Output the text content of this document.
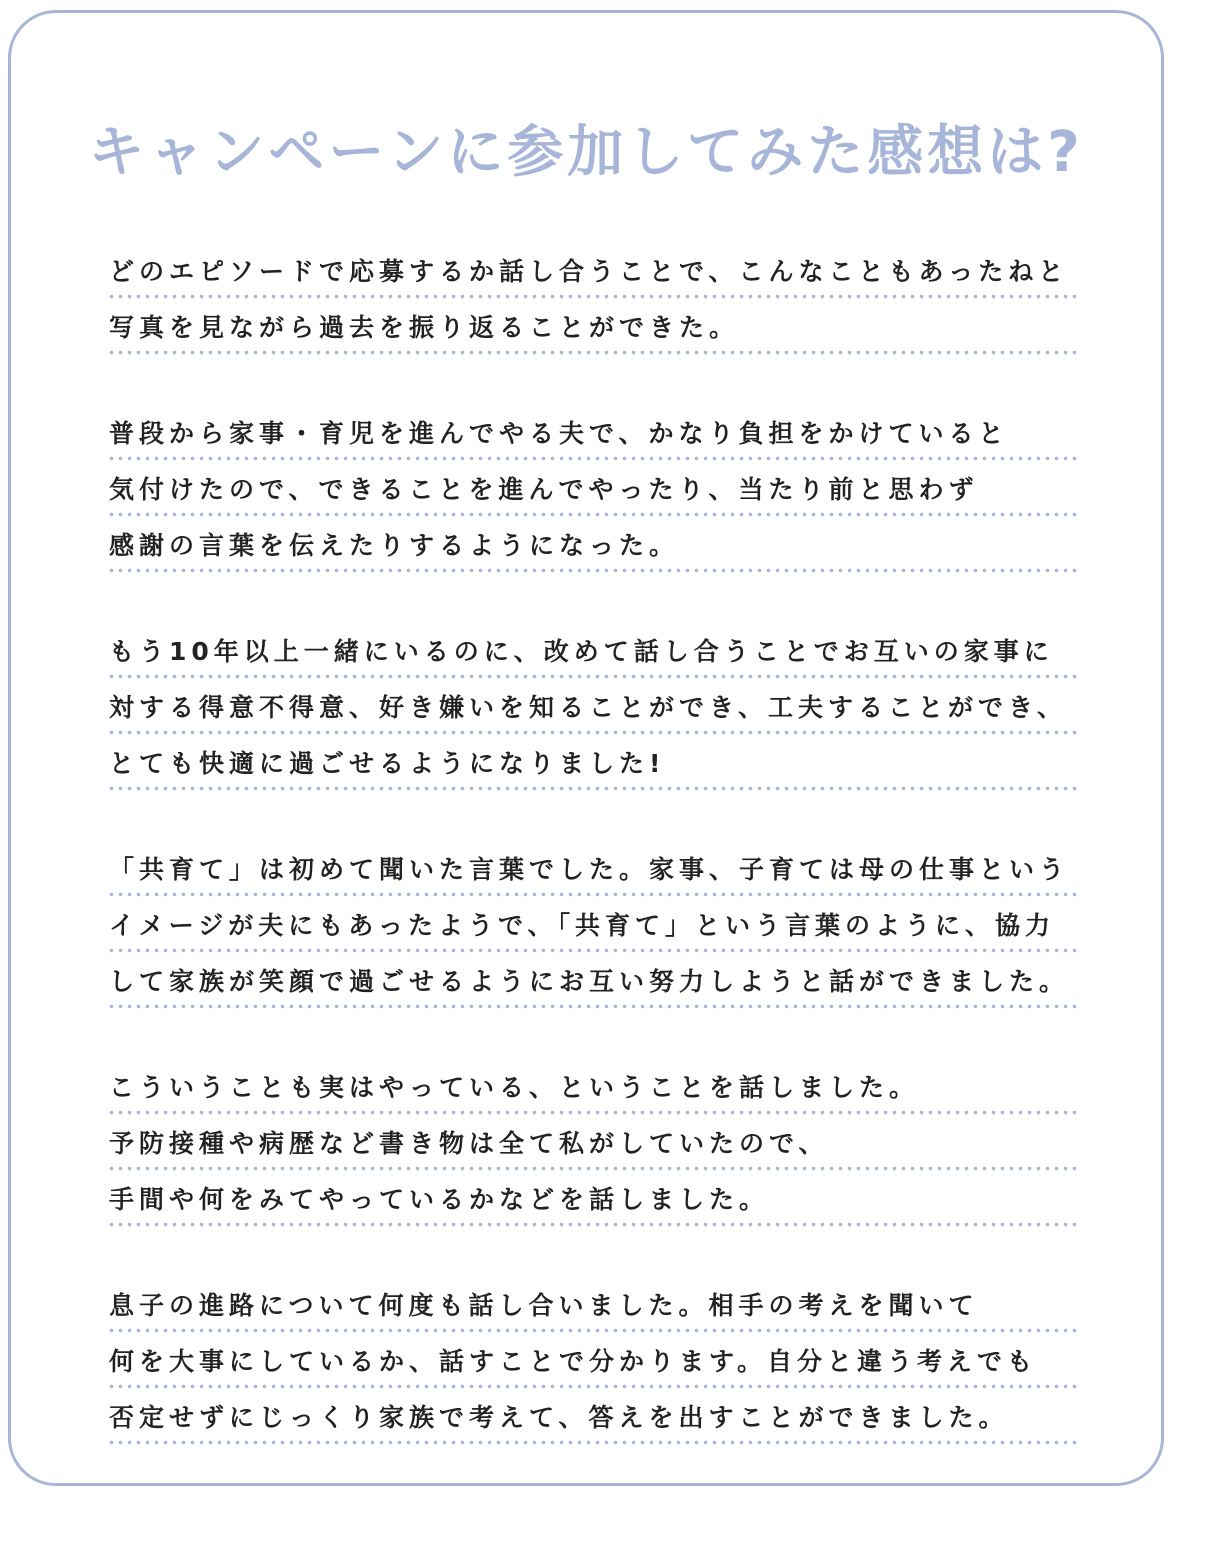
キャンペーンに参加してみた感想は?
どのエピソードで応募するか話し合うことで、こんなこともあったねと
写真を見ながら過去を振り返ることができた。
普段から家事・育児を進んでやる夫で、かなり負担をかけていると
気付けたので、できることを進んでやったり、当たり前と思わず
感謝の言葉を伝えたりするようになった。
もう10年以上一緒にいるのに、改めて話し合うことでお互いの家事に
対する得意不得意、好き嫌いを知ることができ、工夫することができ、
とても快適に過ごせるようになりました!
「共育て」は初めて聞いた言葉でした。家事、子育ては母の仕事という
イメージが夫にもあったようで、「共育て」という言葉のように、協力
して家族が笑顔で過ごせるようにお互い努力しようと話ができました。
こういうことも実はやっている、ということを話しました。
予防接種や病歴など書き物は全て私がしていたので、
手間や何をみてやっているかなどを話しました。
息子の進路について何度も話し合いました。相手の考えを聞いて
何を大事にしているか、話すことで分かります。自分と違う考えでも
否定せずにじっくり家族で考えて、答えを出すことができました。
